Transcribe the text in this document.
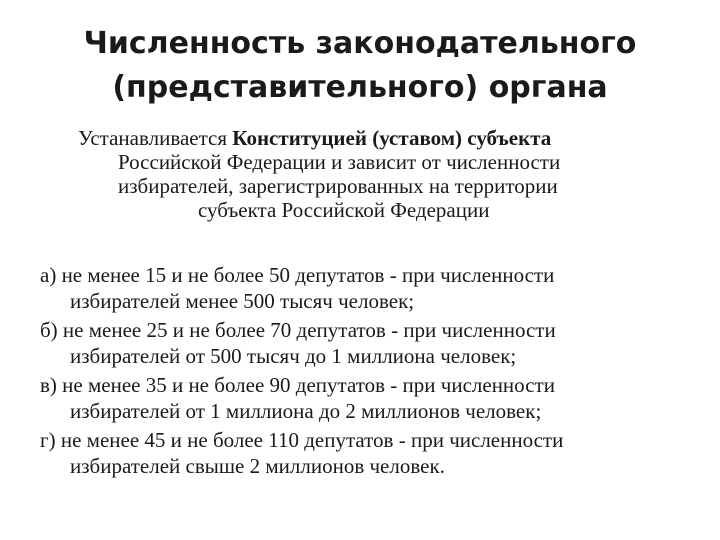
Численность законодательного
(представительного) органа
Устанавливается Конституцией (уставом) субъекта
Российской Федерации и зависит от численности
избирателей, зарегистрированных на территории
субъекта Российской Федерации
а) не менее 15 и не более 50 депутатов - при численности
избирателей менее 500 тысяч человек;
б) не менее 25 и не более 70 депутатов - при численности
избирателей от 500 тысяч до 1 миллиона человек;
в) не менее 35 и не более 90 депутатов - при численности
избирателей от 1 миллиона до 2 миллионов человек;
г) не менее 45 и не более 110 депутатов - при численности
избирателей свыше 2 миллионов человек.
